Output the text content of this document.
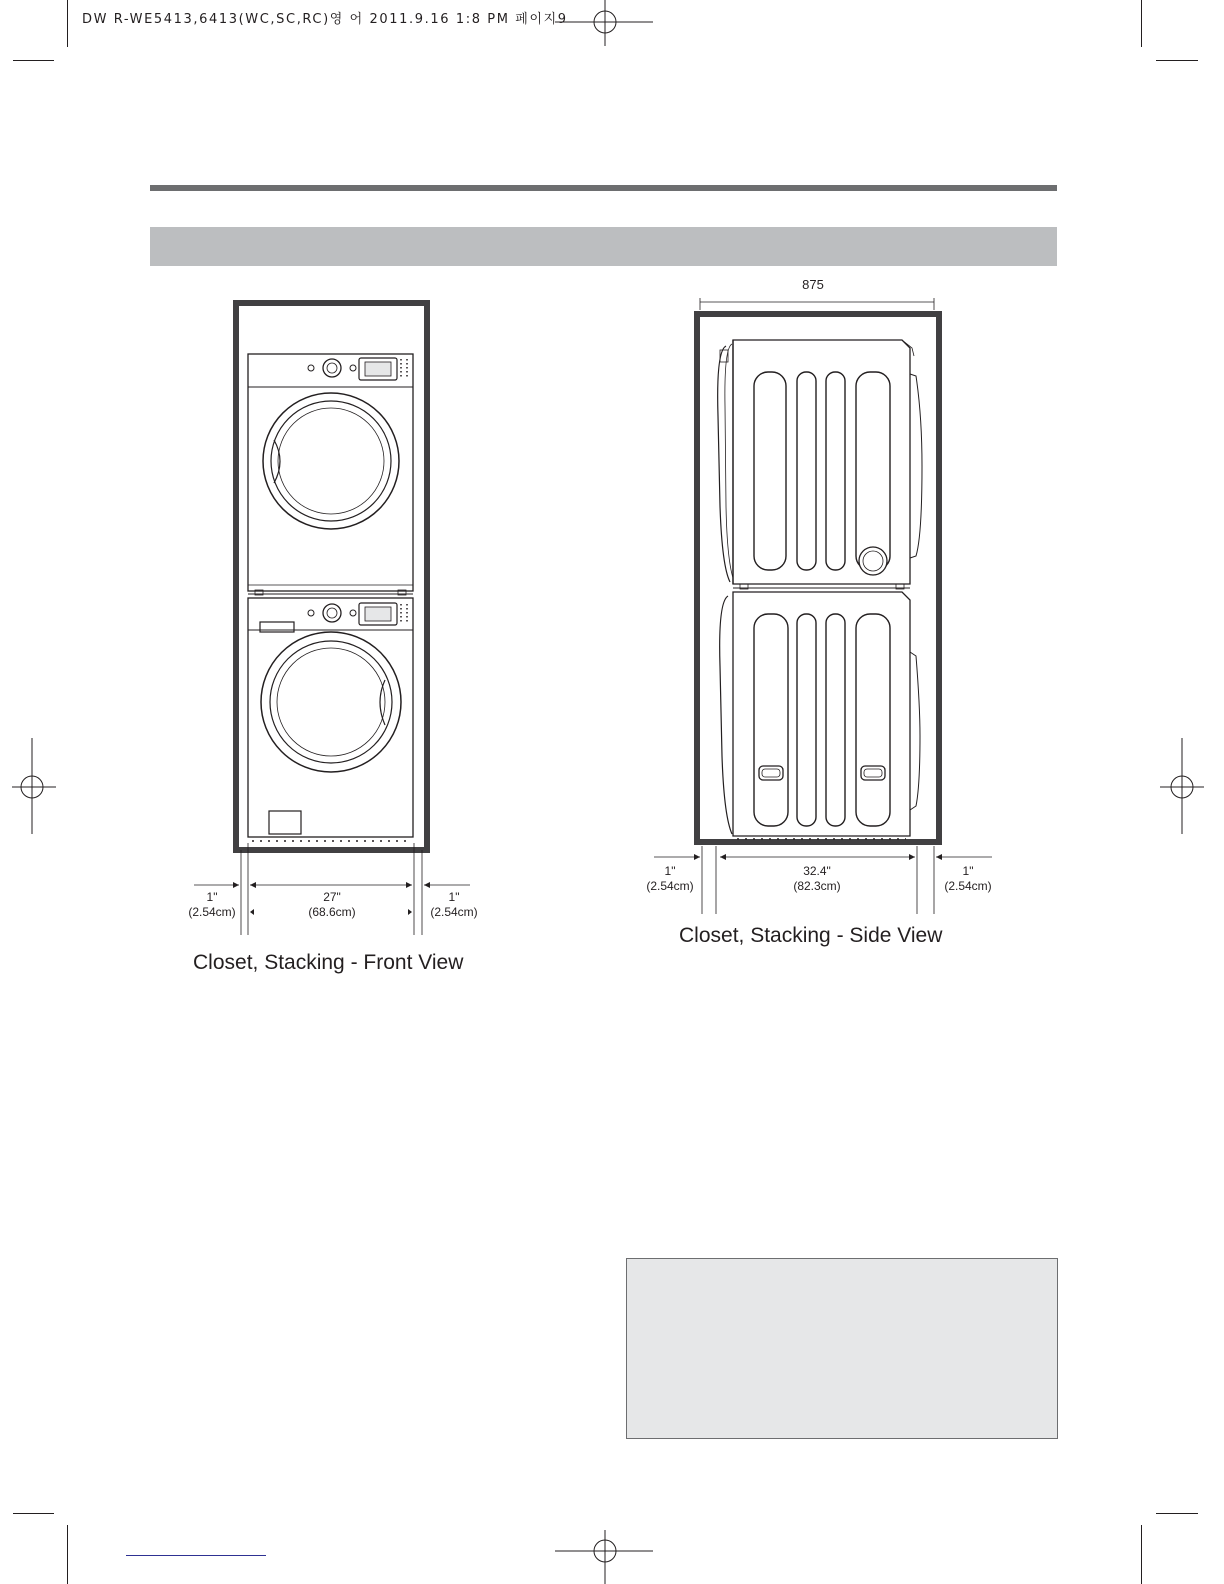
DW R-WE5413,6413(WC,SC,RC)영 어 2011.9.16 1:8 PM 페이지9
1"
(2.54cm)
27"
(68.6cm)
1"
(2.54cm)
Closet, Stacking - Front View
875
1"
(2.54cm)
32.4"
(82.3cm)
1"
(2.54cm)
Closet, Stacking - Side View
